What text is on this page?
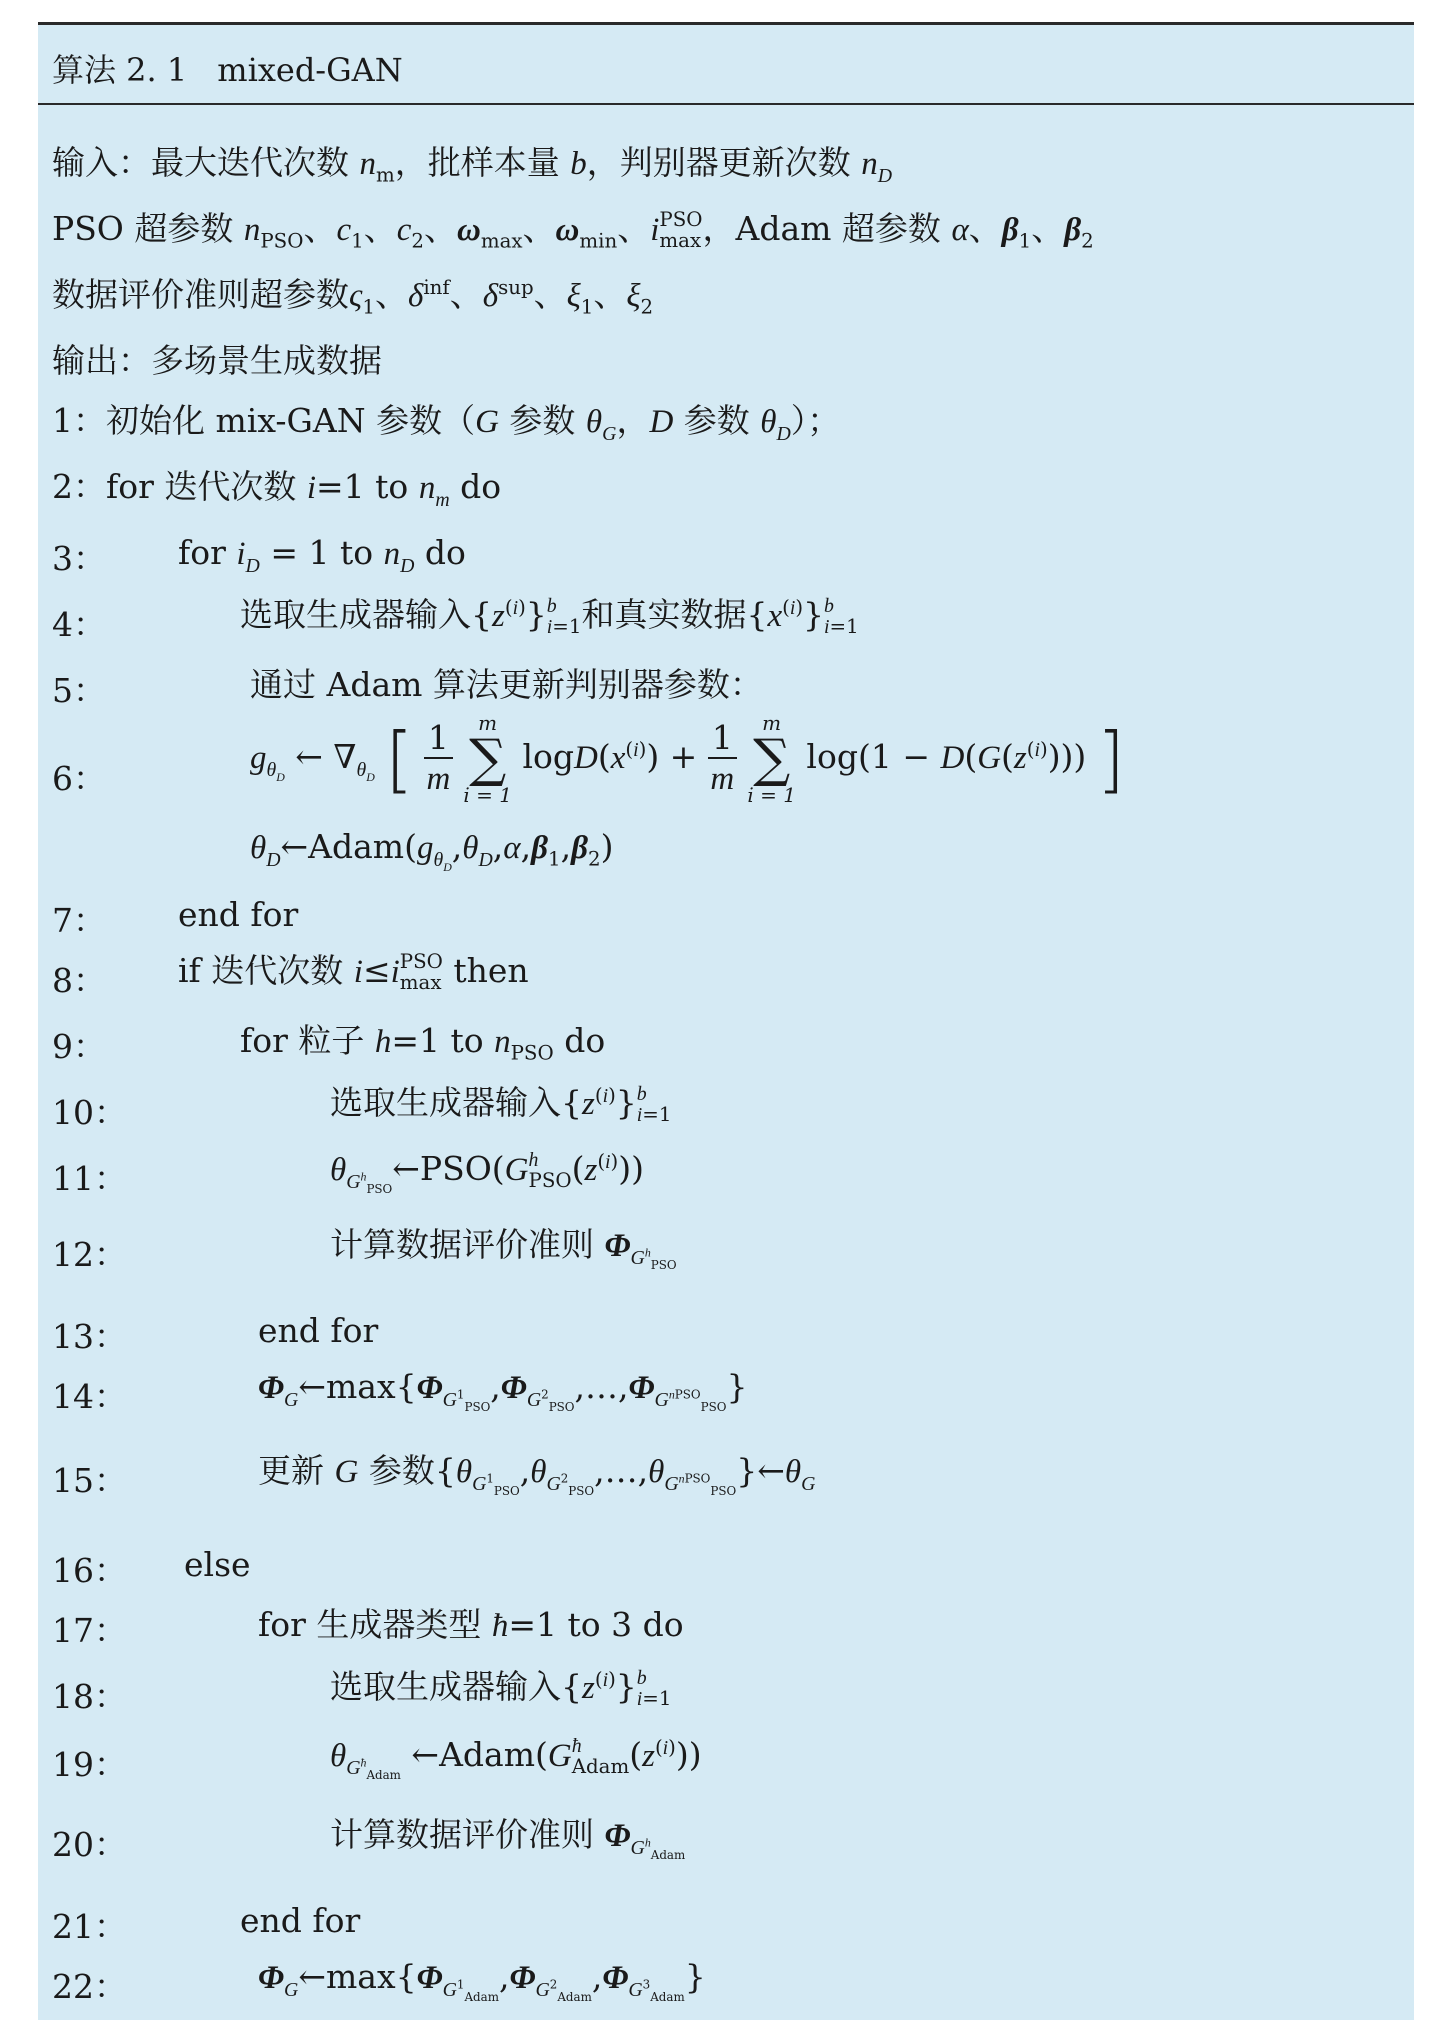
算法 2. 1 mixed-GAN
输入：最大迭代次数 $n_m$，批样本量 b，判别器更新次数 $n_D$
PSO 超参数 $n_{PSO}$、$c_1$、$c_2$、$\omega_{max}$、$\omega_{min}$、i PSO
max ，Adam 超参数 α、$\beta_1$、$\beta_2$
数据评价准则超参数$\varsigma_1$、$\delta^{inf}$、$\delta^{sup}$、$\xi_1$、$\xi_2$
输出：多场景生成数据
1：初始化 mix-GAN 参数（G 参数 $\theta_G$，D 参数 $\theta_D$）；
2：for 迭代次数 i=1 to $n_m$ do
3： for $i_D = 1$ to $n_D$ do
4：	选取生成器输入$\{z^{(i)}\}$ b
i=1 和真实数据$\{x^{(i)}\}$ b
i=1
5：	通过 Adam 算法更新判别器参数：
6：
$g_{\theta_D}$ ← $\nabla_{\theta_D}$ [ $\frac{1}{m}$
m
∑
i = 1
$\log D(x^{(i)}) + \frac{1}{m}$
m
∑
i = 1
$\log(1 - D(G(z^{(i)})))$ ]
$\theta_D\leftarrow Adam(g_{\theta_D},\theta_D,\alpha,\beta_1,\beta_2)$
7： end for
8： if 迭代次数 i≤i PSO
max then
9：	for 粒子 h=1 to $n_{PSO}$ do
10：	选取生成器输入$\{z^{(i)}\}$ b
i=1
11：	$\theta_{G^h_{PSO}}\leftarrow PSO(G$ h
PSO $(z^{(i)})$)
12：	计算数据评价准则 $\Phi_{G^h_{PSO}}$
13：	end for
14：	$\Phi_G\leftarrow\max\{\Phi_{G^1_{PSO}},\Phi_{G^2_{PSO}},\dots,\Phi_{G^{nPSO}_{PSO}}\}$
15：	更新 G 参数$\{\theta_{G^1_{PSO}},\theta_{G^2_{PSO}},\dots,\theta_{G^{nPSO}_{PSO}}\}\leftarrow\theta_G$
16： else
17：	for 生成器类型 ħ=1 to 3 do
18：	选取生成器输入$\{z^{(i)}\}$ b
i=1
19：	$\theta_{G^ħ_{Adam}}$ ←Adam(G ħ
Adam $(z^{(i)})$)
20：	计算数据评价准则 $\Phi_{G^h_{Adam}}$
21：	end for
22：	$\Phi_G\leftarrow\max\{\Phi_{G^1_{Adam}},\Phi_{G^2_{Adam}},\Phi_{G^3_{Adam}}\}$
